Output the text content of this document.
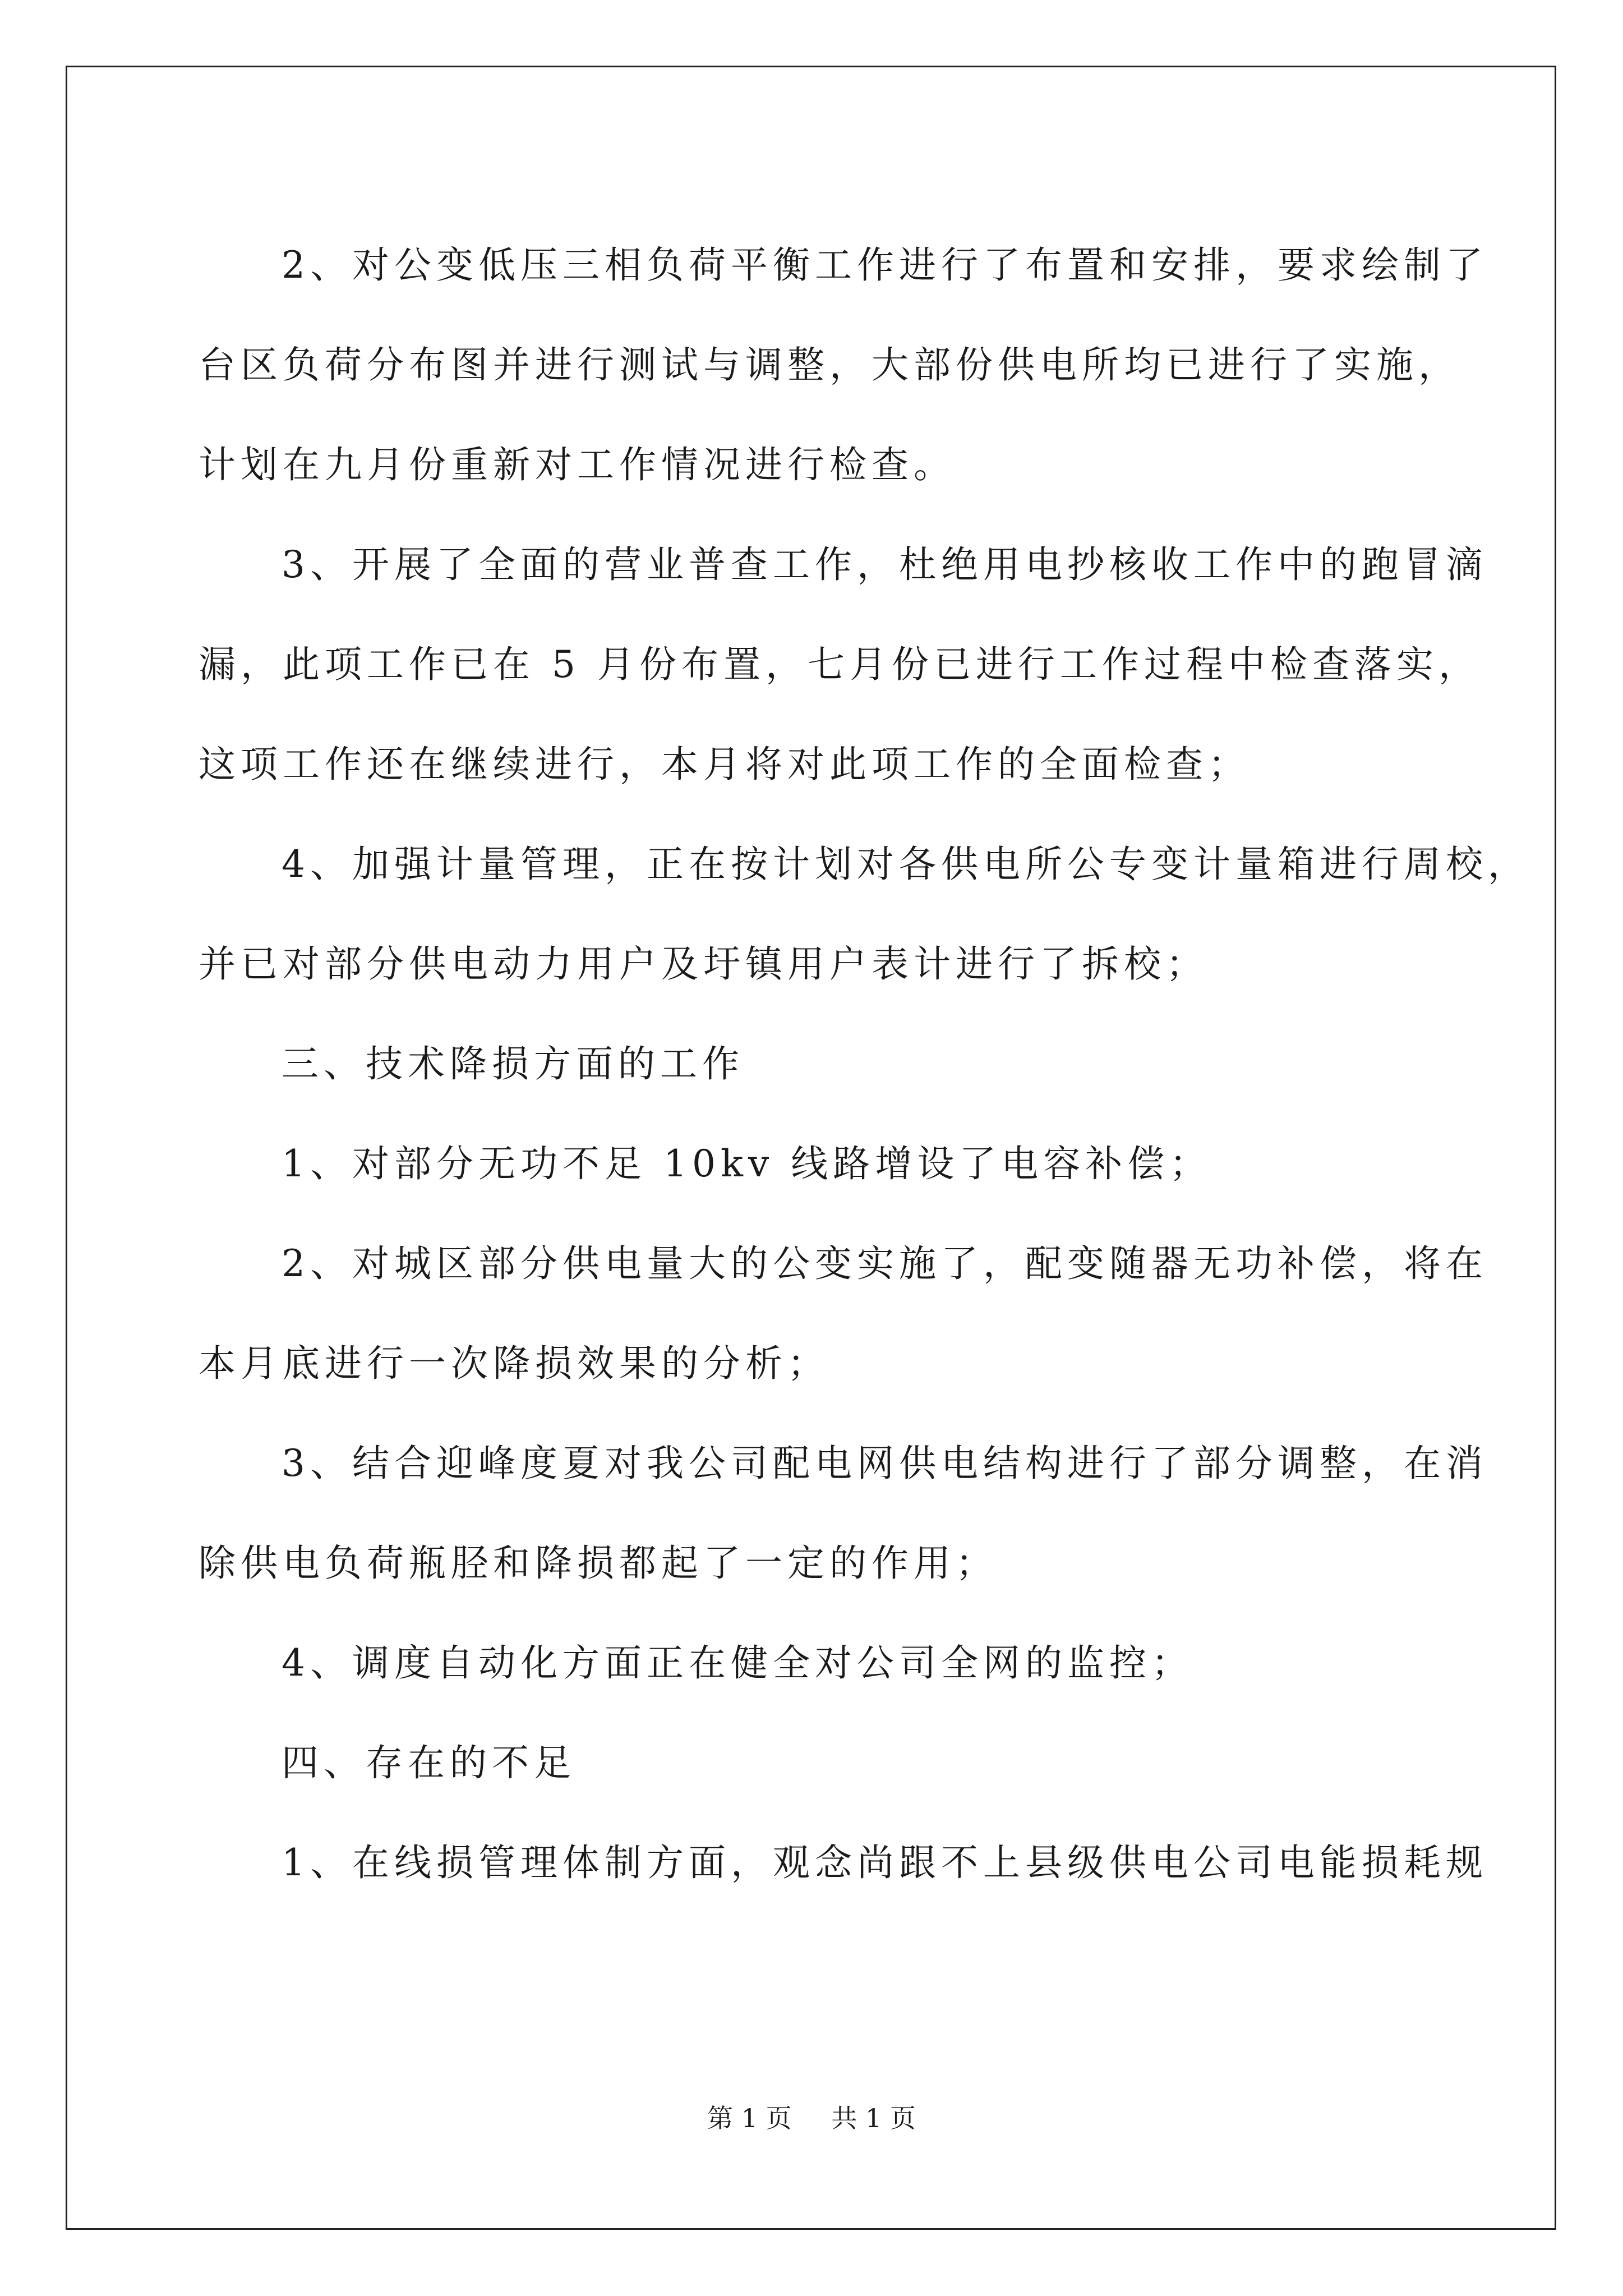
2、对公变低压三相负荷平衡工作进行了布置和安排，要求绘制了
台区负荷分布图并进行测试与调整，大部份供电所均已进行了实施，
计划在九月份重新对工作情况进行检查。
3、开展了全面的营业普查工作，杜绝用电抄核收工作中的跑冒滴
漏，此项工作已在 5 月份布置，七月份已进行工作过程中检查落实，
这项工作还在继续进行，本月将对此项工作的全面检查；
4、加强计量管理，正在按计划对各供电所公专变计量箱进行周校，
并已对部分供电动力用户及圩镇用户表计进行了拆校；
三、技术降损方面的工作
1、对部分无功不足 10kv 线路增设了电容补偿；
2、对城区部分供电量大的公变实施了，配变随器无功补偿，将在
本月底进行一次降损效果的分析；
3、结合迎峰度夏对我公司配电网供电结构进行了部分调整，在消
除供电负荷瓶胫和降损都起了一定的作用；
4、调度自动化方面正在健全对公司全网的监控；
四、存在的不足
1、在线损管理体制方面，观念尚跟不上县级供电公司电能损耗规
第 1 页 共 1 页
